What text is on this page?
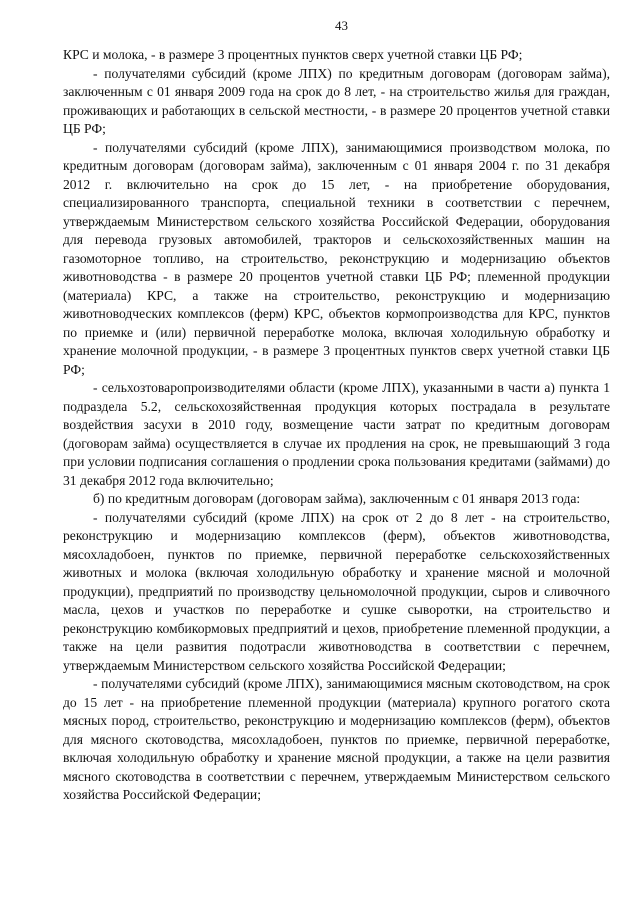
43

КРС и молока, - в размере 3 процентных пунктов сверх учетной ставки ЦБ РФ;

- получателями субсидий (кроме ЛПХ) по кредитным договорам (договорам займа), заключенным с 01 января 2009 года на срок до 8 лет, - на строительство жилья для граждан, проживающих и работающих в сельской местности, - в размере 20 процентов учетной ставки ЦБ РФ;

- получателями субсидий (кроме ЛПХ), занимающимися производством молока, по кредитным договорам (договорам займа), заключенным с 01 января 2004 г. по 31 декабря 2012 г. включительно на срок до 15 лет, - на приобретение оборудования, специализированного транспорта, специальной техники в соответствии с перечнем, утверждаемым Министерством сельского хозяйства Российской Федерации, оборудования для перевода грузовых автомобилей, тракторов и сельскохозяйственных машин на газомоторное топливо, на строительство, реконструкцию и модернизацию объектов животноводства - в размере 20 процентов учетной ставки ЦБ РФ; племенной продукции (материала) КРС, а также на строительство, реконструкцию и модернизацию животноводческих комплексов (ферм) КРС, объектов кормопроизводства для КРС, пунктов по приемке и (или) первичной переработке молока, включая холодильную обработку и хранение молочной продукции, - в размере 3 процентных пунктов сверх учетной ставки ЦБ РФ;

- сельхозтоваропроизводителями области (кроме ЛПХ), указанными в части а) пункта 1 подраздела 5.2, сельскохозяйственная продукция которых пострадала в результате воздействия засухи в 2010 году, возмещение части затрат по кредитным договорам (договорам займа) осуществляется в случае их продления на срок, не превышающий 3 года при условии подписания соглашения о продлении срока пользования кредитами (займами) до 31 декабря 2012 года включительно;

б) по кредитным договорам (договорам займа), заключенным с 01 января 2013 года:

- получателями субсидий (кроме ЛПХ) на срок от 2 до 8 лет - на строительство, реконструкцию и модернизацию комплексов (ферм), объектов животноводства, мясохладобоен, пунктов по приемке, первичной переработке сельскохозяйственных животных и молока (включая холодильную обработку и хранение мясной и молочной продукции), предприятий по производству цельномолочной продукции, сыров и сливочного масла, цехов и участков по переработке и сушке сыворотки, на строительство и реконструкцию комбикормовых предприятий и цехов, приобретение племенной продукции, а также на цели развития подотрасли животноводства в соответствии с перечнем, утверждаемым Министерством сельского хозяйства Российской Федерации;

- получателями субсидий (кроме ЛПХ), занимающимися мясным скотоводством, на срок до 15 лет - на приобретение племенной продукции (материала) крупного рогатого скота мясных пород, строительство, реконструкцию и модернизацию комплексов (ферм), объектов для мясного скотоводства, мясохладобоен, пунктов по приемке, первичной переработке, включая холодильную обработку и хранение мясной продукции, а также на цели развития мясного скотоводства в соответствии с перечнем, утверждаемым Министерством сельского хозяйства Российской Федерации;
